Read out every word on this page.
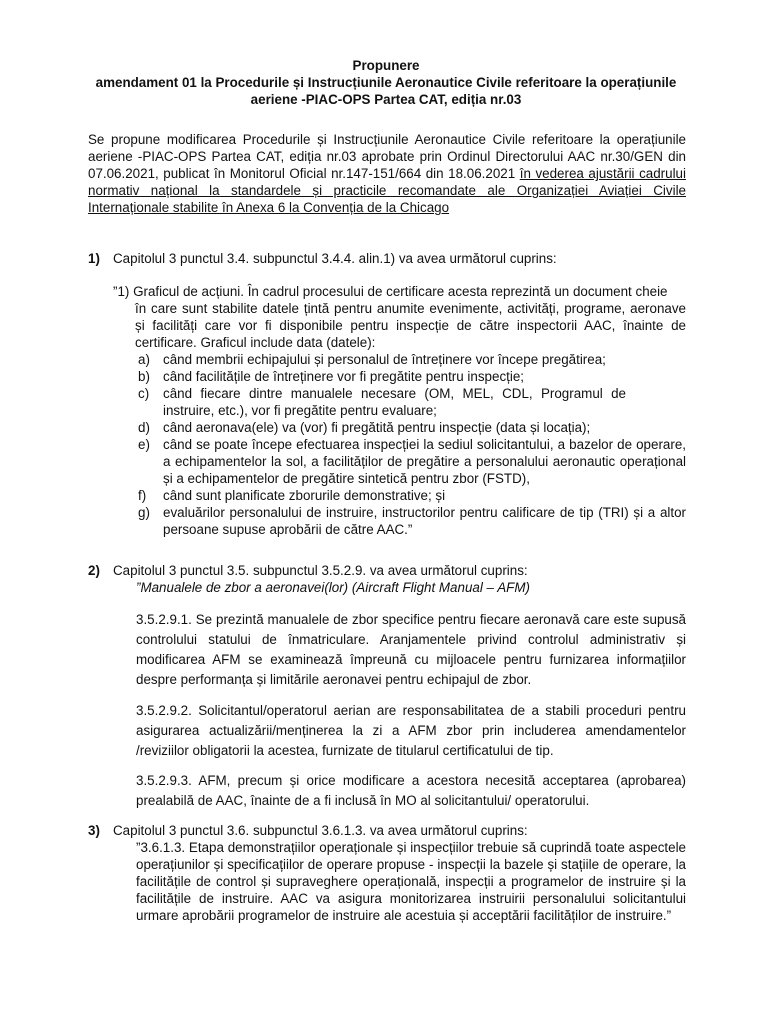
Propunere
amendament 01 la Procedurile și Instrucțiunile Aeronautice Civile referitoare la operațiunile
aeriene -PIAC-OPS Partea CAT, ediția nr.03
Se propune modificarea Procedurile și Instrucțiunile Aeronautice Civile referitoare la operațiunile aeriene -PIAC-OPS Partea CAT, ediția nr.03 aprobate prin Ordinul Directorului AAC nr.30/GEN din 07.06.2021, publicat în Monitorul Oficial nr.147-151/664 din 18.06.2021 în vederea ajustării cadrului normativ național la standardele și practicile recomandate ale Organizației Aviației Civile Internaționale stabilite în Anexa 6 la Convenția de la Chicago
1) Capitolul 3 punctul 3.4. subpunctul 3.4.4. alin.1) va avea următorul cuprins:
”1) Graficul de acțiuni. În cadrul procesului de certificare acesta reprezintă un document cheie
în care sunt stabilite datele țintă pentru anumite evenimente, activități, programe, aeronave și facilități care vor fi disponibile pentru inspecție de către inspectorii AAC, înainte de certificare. Graficul include data (datele):
a) când membrii echipajului și personalul de întreținere vor începe pregătirea;
b) când facilitățile de întreținere vor fi pregătite pentru inspecție;
c) când fiecare dintre manualele necesare (OM, MEL, CDL, Programul de instruire, etc.), vor fi pregătite pentru evaluare;
d) când aeronava(ele) va (vor) fi pregătită pentru inspecție (data și locația);
e) când se poate începe efectuarea inspecției la sediul solicitantului, a bazelor de operare, a echipamentelor la sol, a facilităților de pregătire a personalului aeronautic operațional și a echipamentelor de pregătire sintetică pentru zbor (FSTD),
f) când sunt planificate zborurile demonstrative; și
g) evaluărilor personalului de instruire, instructorilor pentru calificare de tip (TRI) și a altor persoane supuse aprobării de către AAC.”
2) Capitolul 3 punctul 3.5. subpunctul 3.5.2.9. va avea următorul cuprins:
”Manualele de zbor a aeronavei(lor) (Aircraft Flight Manual – AFM)
3.5.2.9.1. Se prezintă manualele de zbor specifice pentru fiecare aeronavă care este supusă controlului statului de înmatriculare. Aranjamentele privind controlul administrativ și modificarea AFM se examinează împreună cu mijloacele pentru furnizarea informațiilor despre performanța și limitările aeronavei pentru echipajul de zbor.
3.5.2.9.2. Solicitantul/operatorul aerian are responsabilitatea de a stabili proceduri pentru asigurarea actualizării/menținerea la zi a AFM zbor prin includerea amendamentelor /reviziilor obligatorii la acestea, furnizate de titularul certificatului de tip.
3.5.2.9.3. AFM, precum și orice modificare a acestora necesită acceptarea (aprobarea) prealabilă de AAC, înainte de a fi inclusă în MO al solicitantului/ operatorului.
3) Capitolul 3 punctul 3.6. subpunctul 3.6.1.3. va avea următorul cuprins:
”3.6.1.3. Etapa demonstrațiilor operaționale și inspecțiilor trebuie să cuprindă toate aspectele operațiunilor și specificațiilor de operare propuse - inspecții la bazele și stațiile de operare, la facilitățile de control și supraveghere operațională, inspecții a programelor de instruire și la facilitățile de instruire. AAC va asigura monitorizarea instruirii personalului solicitantului urmare aprobării programelor de instruire ale acestuia și acceptării facilităților de instruire.”
